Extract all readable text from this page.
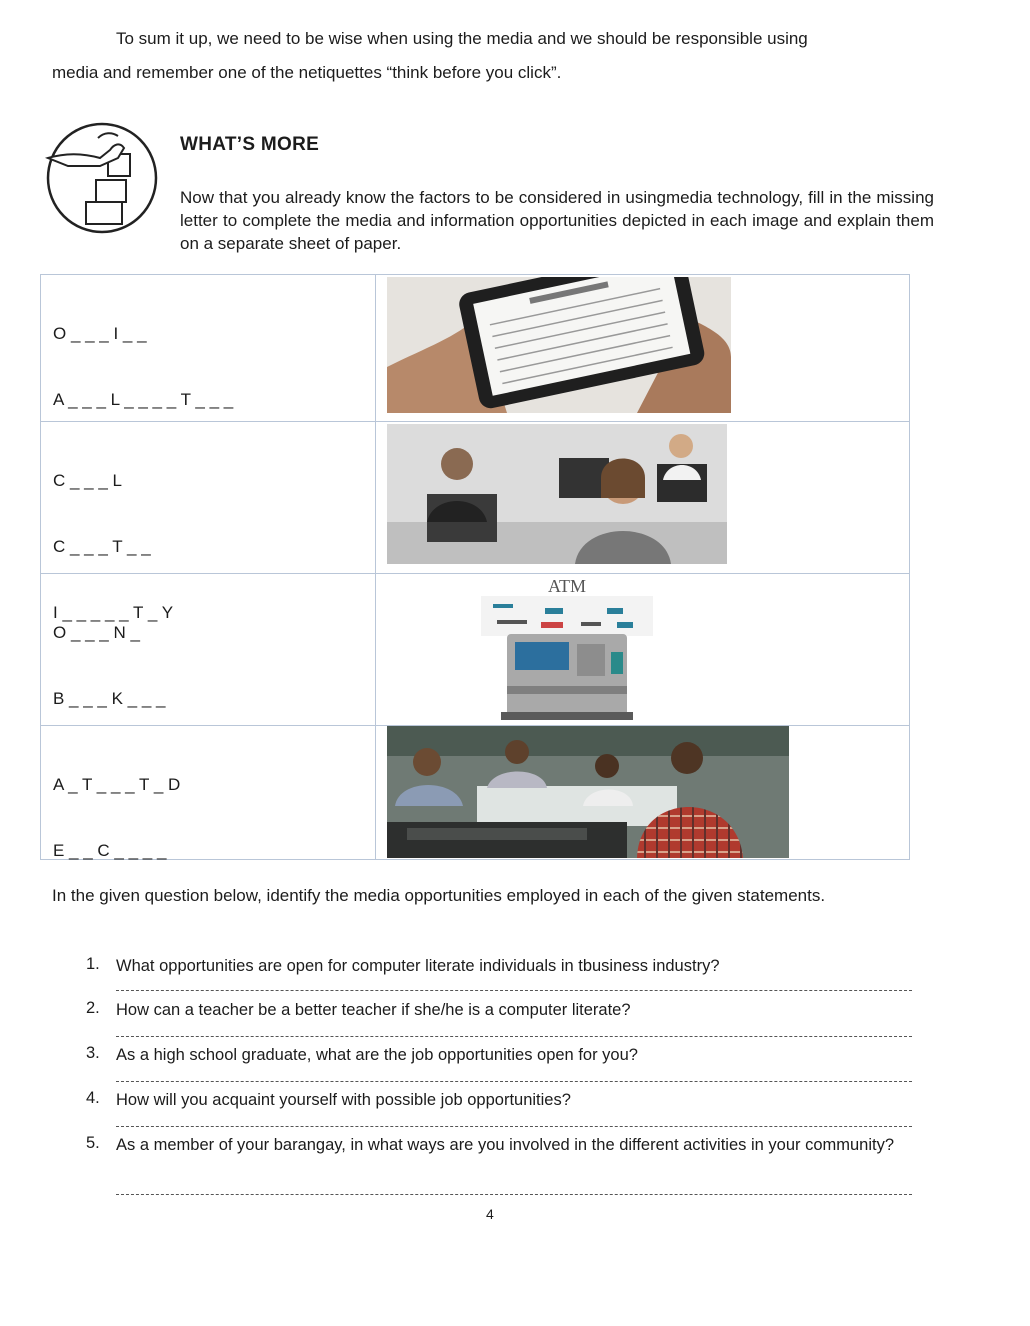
To sum it up, we need to be wise when using the media and we should be responsible using
media and remember one of the netiquettes “think before you click”.
WHAT’S MORE
Now that you already know the factors to be considered in usingmedia technology, fill in the missing letter to complete the media and information opportunities depicted in each image and explain them on a separate sheet of paper.

O _ _ _ I _ _

A _ _ _ L _ _ _ _ T _ _ _

C _ _ _ L

C _ _ _ T _ _

I _ _ _ _ _ T _ Y

O _ _ _ N _

B _ _ _ K _ _ _

ATM

A _ T _ _ _ T _ D

E _ _ C _ _ _ _

In the given question below, identify the media opportunities employed in each of the given statements.
1. What opportunities are open for computer literate individuals in tbusiness industry?
2. How can a teacher be a better teacher if she/he is a computer literate?
3. As a high school graduate, what are the job opportunities open for you?
4. How will you acquaint yourself with possible job opportunities?
5. As a member of your barangay, in what ways are you involved in the different activities in your community?
4
